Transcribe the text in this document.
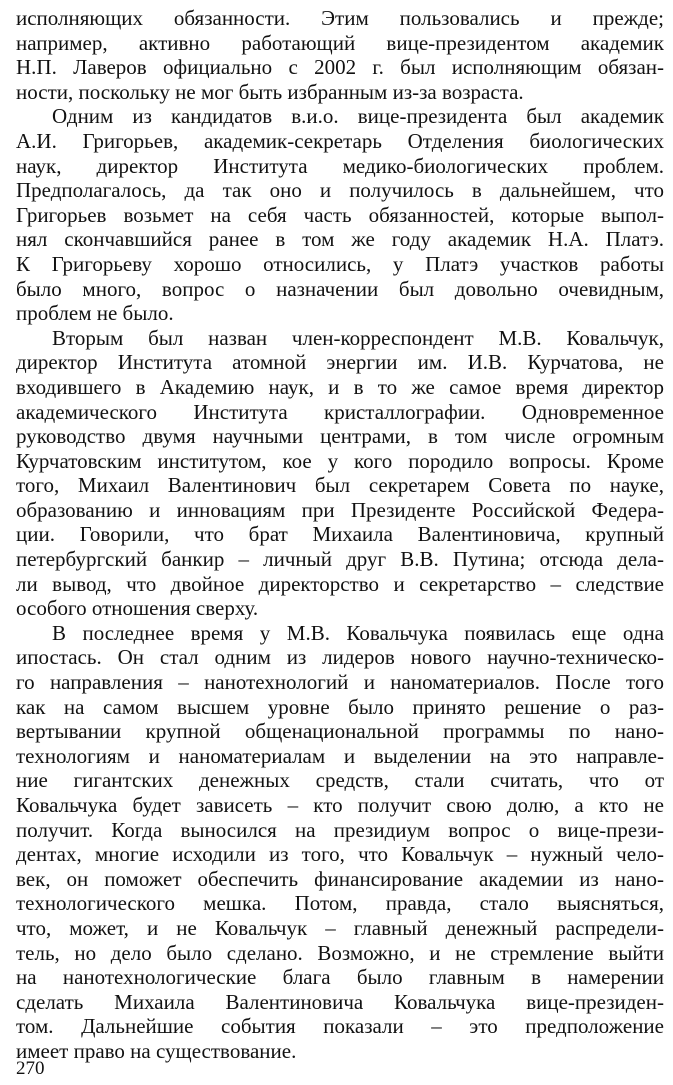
исполняющих обязанности. Этим пользовались и прежде;
например, активно работающий вице-президентом академик
Н.П. Лаверов официально с 2002 г. был исполняющим обязан-
ности, поскольку не мог быть избранным из-за возраста.
Одним из кандидатов в.и.о. вице-президента был академик
А.И. Григорьев, академик-секретарь Отделения биологических
наук, директор Института медико-биологических проблем.
Предполагалось, да так оно и получилось в дальнейшем, что
Григорьев возьмет на себя часть обязанностей, которые выпол-
нял скончавшийся ранее в том же году академик Н.А. Платэ.
К Григорьеву хорошо относились, у Платэ участков работы
было много, вопрос о назначении был довольно очевидным,
проблем не было.
Вторым был назван член-корреспондент М.В. Ковальчук,
директор Института атомной энергии им. И.В. Курчатова, не
входившего в Академию наук, и в то же самое время директор
академического Института кристаллографии. Одновременное
руководство двумя научными центрами, в том числе огромным
Курчатовским институтом, кое у кого породило вопросы. Кроме
того, Михаил Валентинович был секретарем Совета по науке,
образованию и инновациям при Президенте Российской Федера-
ции. Говорили, что брат Михаила Валентиновича, крупный
петербургский банкир – личный друг В.В. Путина; отсюда дела-
ли вывод, что двойное директорство и секретарство – следствие
особого отношения сверху.
В последнее время у М.В. Ковальчука появилась еще одна
ипостась. Он стал одним из лидеров нового научно-техническо-
го направления – нанотехнологий и наноматериалов. После того
как на самом высшем уровне было принято решение о раз-
вертывании крупной общенациональной программы по нано-
технологиям и наноматериалам и выделении на это направле-
ние гигантских денежных средств, стали считать, что от
Ковальчука будет зависеть – кто получит свою долю, а кто не
получит. Когда выносился на президиум вопрос о вице-прези-
дентах, многие исходили из того, что Ковальчук – нужный чело-
век, он поможет обеспечить финансирование академии из нано-
технологического мешка. Потом, правда, стало выясняться,
что, может, и не Ковальчук – главный денежный распредели-
тель, но дело было сделано. Возможно, и не стремление выйти
на нанотехнологические блага было главным в намерении
сделать Михаила Валентиновича Ковальчука вице-президен-
том. Дальнейшие события показали – это предположение
имеет право на существование.
270
